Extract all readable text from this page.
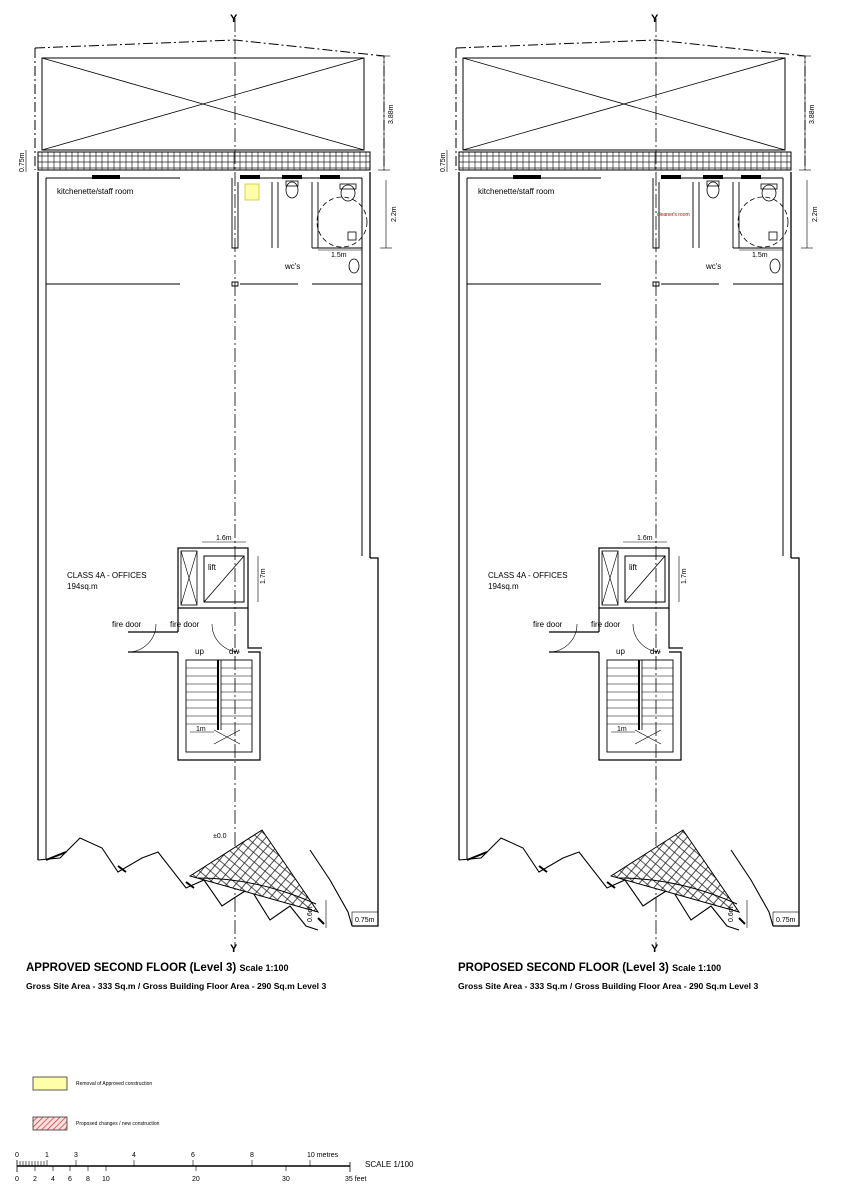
Y
Y
kitchenette/staff room
wc's
CLASS 4A - OFFICES
194sq.m
lift
fire door	fire door
up	dw
±0.0
0.75m
3.88m
2.2m
1.5m
1.6m
1.7m
1m
0.75m
0.6m
Y
Y
kitchenette/staff room
cleaner's room
wc's
CLASS 4A - OFFICES
194sq.m
lift
fire door	fire door
up	dw
0.75m
3.88m
2.2m
1.5m
1.6m
1.7m
1m
0.75m
0.6m
0	1	3	4	6	8	10 metres
0 2 4 6 8 10	20	30	35 feet
APPROVED SECOND FLOOR (Level 3) Scale 1:100
Gross Site Area - 333 Sq.m / Gross Building Floor Area - 290 Sq.m Level 3
PROPOSED SECOND FLOOR (Level 3) Scale 1:100
Gross Site Area - 333 Sq.m / Gross Building Floor Area - 290 Sq.m Level 3
Removal of Approved construction
Proposed changes / new construction
SCALE 1/100
